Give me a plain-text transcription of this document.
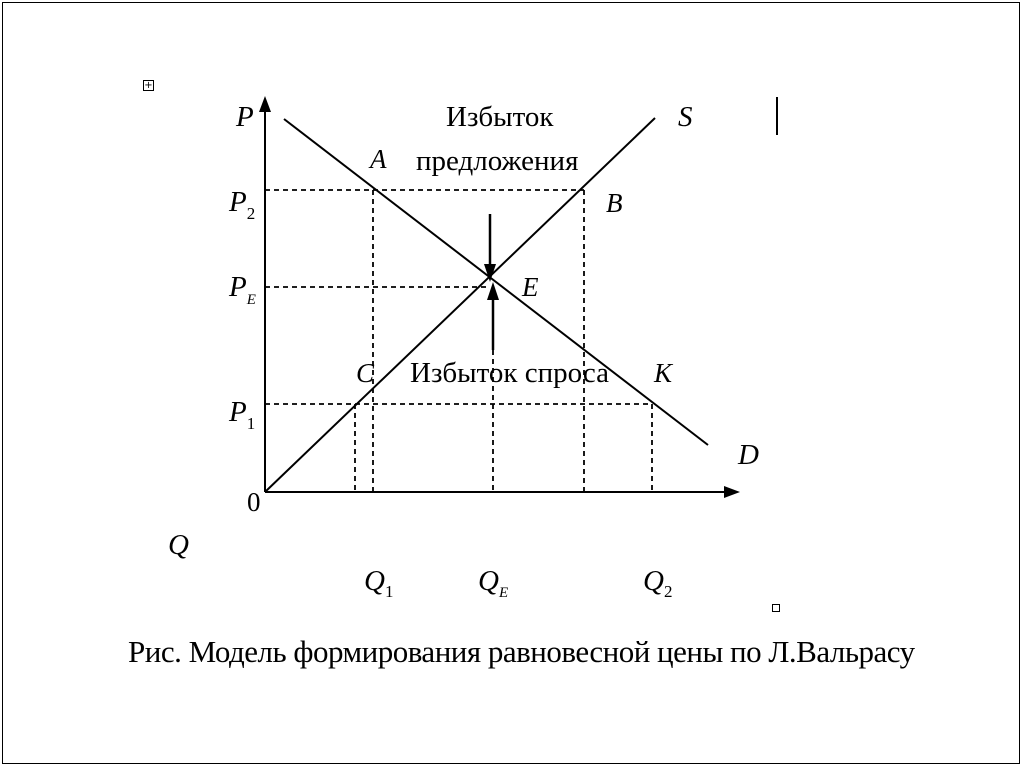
+
P
Q
0
$P_2$
$P_E$
$P_1$
$Q_1$	$Q_E$	$Q_2$
S
D
A
B
C
E
K
Избыток
предложения
Избыток спроса
Рис. Модель формирования равновесной цены по Л.Вальрасу
